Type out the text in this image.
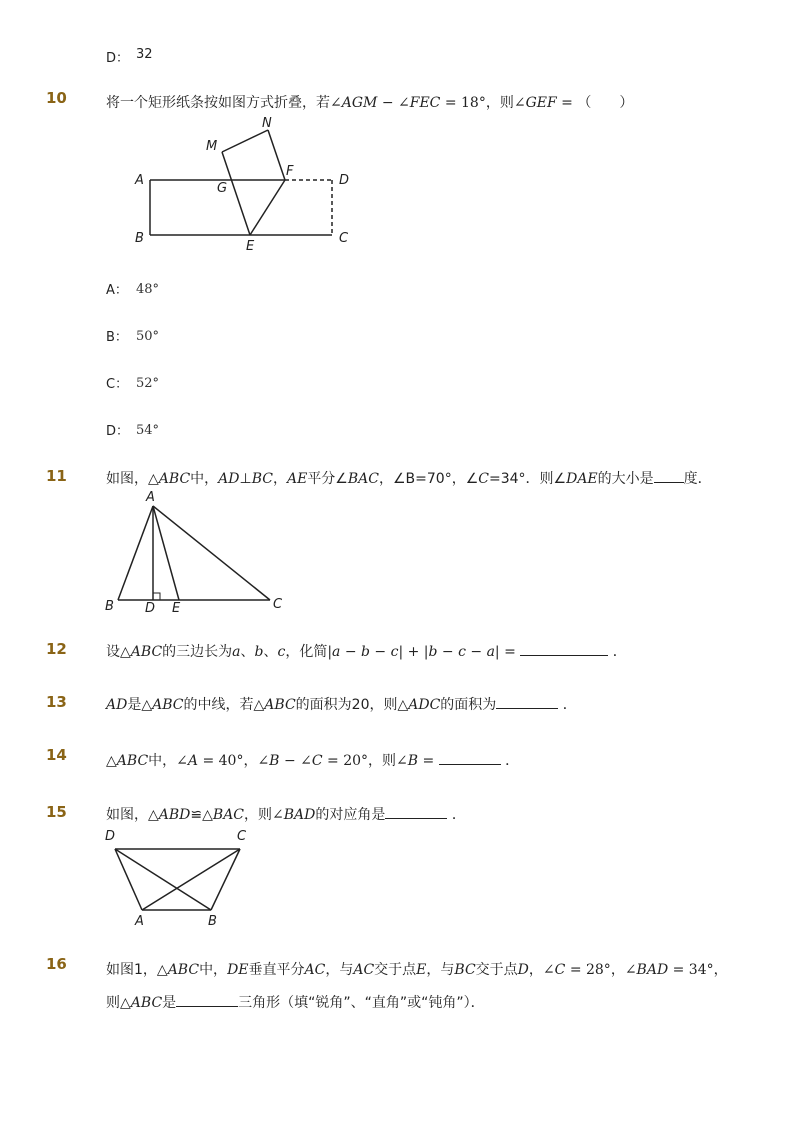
D： 32
10	将一个矩形纸条按如图方式折叠，若∠AGM − ∠FEC = 18°，则∠GEF = （　　）
N
M
A
G
F
D
B
E
C
A： 48°
B： 50°
C： 52°
D： 54°
11	如图，△ABC中，AD⊥BC，AE平分∠BAC，∠B=70°，∠C=34°．则∠DAE的大小是 度．
A
B D E	C
12	设△ABC的三边长为a、b、c，化简|a − b − c| + |b − c − a| =	．
13	AD是△ABC的中线，若△ABC的面积为20，则△ADC的面积为	．
14	△ABC中，∠A = 40°，∠B − ∠C = 20°，则∠B =	．
15	如图，△ABD≌△BAC，则∠BAD的对应角是	．
D	C
A	B
16	如图1，△ABC中，DE垂直平分AC，与AC交于点E，与BC交于点D，∠C = 28°，∠BAD = 34°，
则△ABC是	三角形（填“锐角”、“直角”或“钝角”）．
